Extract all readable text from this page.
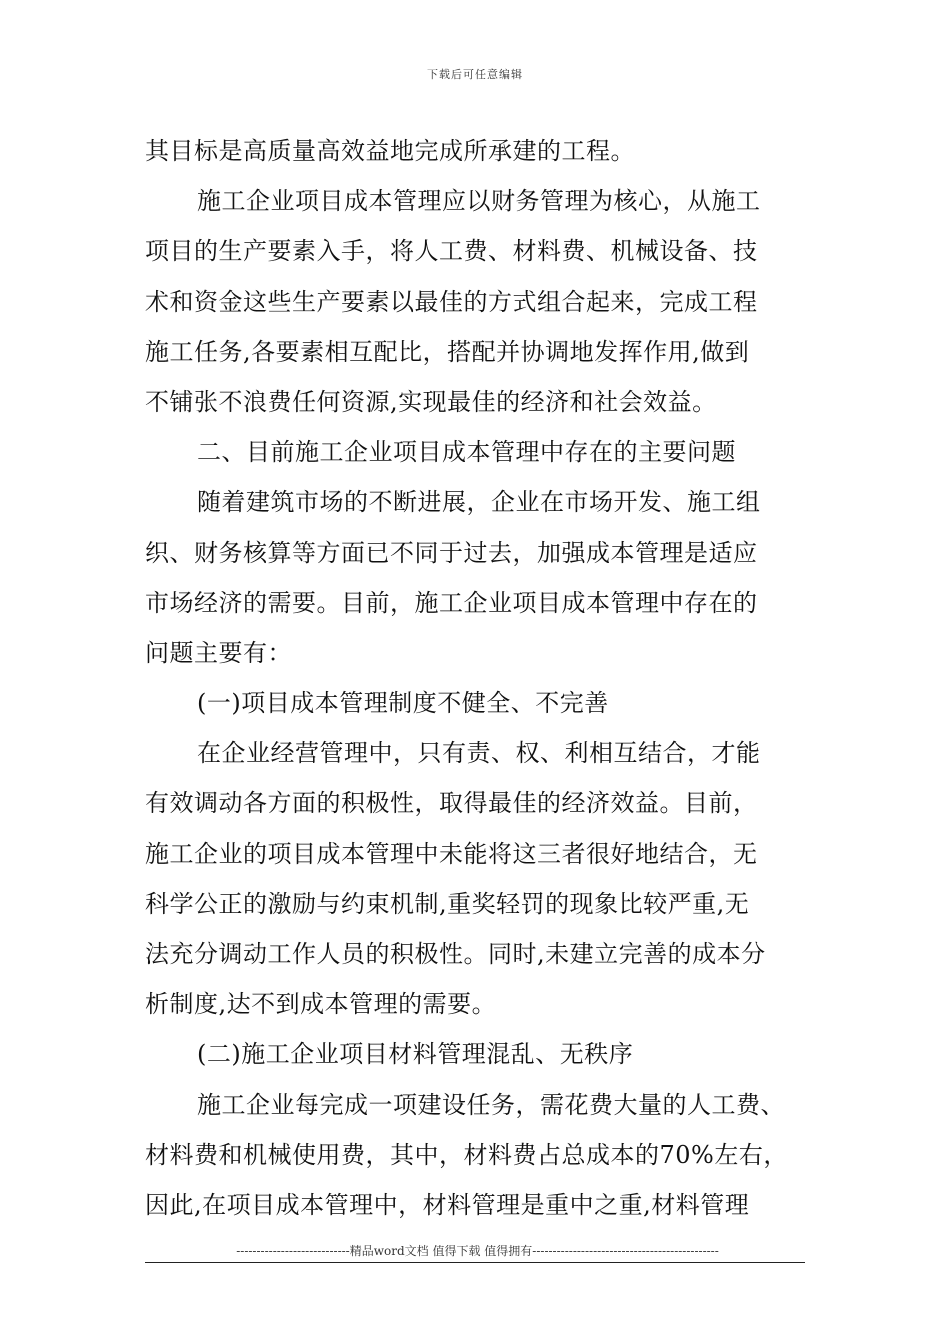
下载后可任意编辑
其目标是高质量高效益地完成所承建的工程。
施工企业项目成本管理应以财务管理为核心，从施工
项目的生产要素入手，将人工费、材料费、机械设备、技
术和资金这些生产要素以最佳的方式组合起来，完成工程
施工任务,各要素相互配比，搭配并协调地发挥作用,做到
不铺张不浪费任何资源,实现最佳的经济和社会效益。
二、目前施工企业项目成本管理中存在的主要问题
随着建筑市场的不断进展，企业在市场开发、施工组
织、财务核算等方面已不同于过去，加强成本管理是适应
市场经济的需要。目前，施工企业项目成本管理中存在的
问题主要有：
(一)项目成本管理制度不健全、不完善
在企业经营管理中，只有责、权、利相互结合，才能
有效调动各方面的积极性，取得最佳的经济效益。目前，
施工企业的项目成本管理中未能将这三者很好地结合，无
科学公正的激励与约束机制,重奖轻罚的现象比较严重,无
法充分调动工作人员的积极性。同时,未建立完善的成本分
析制度,达不到成本管理的需要。
(二)施工企业项目材料管理混乱、无秩序
施工企业每完成一项建设任务，需花费大量的人工费、
材料费和机械使用费，其中，材料费占总成本的70%左右，
因此,在项目成本管理中，材料管理是重中之重,材料管理
----------------------------精品word文档 值得下载 值得拥有----------------------------------------------
